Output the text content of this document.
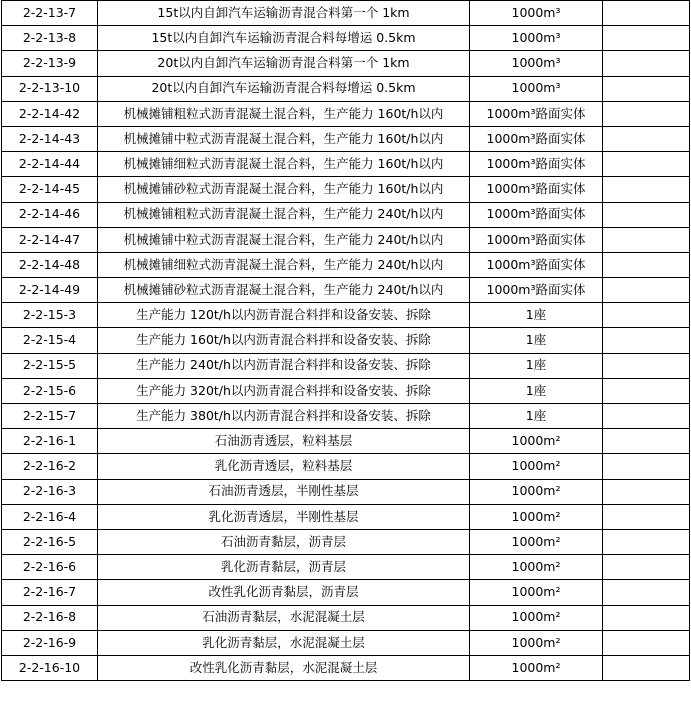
2-2-13-7	15t以内自卸汽车运输沥青混合料第一个 1km	1000m³	
2-2-13-8	15t以内自卸汽车运输沥青混合料每增运 0.5km	1000m³	
2-2-13-9	20t以内自卸汽车运输沥青混合料第一个 1km	1000m³	
2-2-13-10	20t以内自卸汽车运输沥青混合料每增运 0.5km	1000m³	
2-2-14-42	机械摊铺粗粒式沥青混凝土混合料，生产能力 160t/h以内	1000m³路面实体	
2-2-14-43	机械摊铺中粒式沥青混凝土混合料，生产能力 160t/h以内	1000m³路面实体	
2-2-14-44	机械摊铺细粒式沥青混凝土混合料，生产能力 160t/h以内	1000m³路面实体	
2-2-14-45	机械摊铺砂粒式沥青混凝土混合料，生产能力 160t/h以内	1000m³路面实体	
2-2-14-46	机械摊铺粗粒式沥青混凝土混合料，生产能力 240t/h以内	1000m³路面实体	
2-2-14-47	机械摊铺中粒式沥青混凝土混合料，生产能力 240t/h以内	1000m³路面实体	
2-2-14-48	机械摊铺细粒式沥青混凝土混合料，生产能力 240t/h以内	1000m³路面实体	
2-2-14-49	机械摊铺砂粒式沥青混凝土混合料，生产能力 240t/h以内	1000m³路面实体	
2-2-15-3	生产能力 120t/h以内沥青混合料拌和设备安装、拆除	1座	
2-2-15-4	生产能力 160t/h以内沥青混合料拌和设备安装、拆除	1座	
2-2-15-5	生产能力 240t/h以内沥青混合料拌和设备安装、拆除	1座	
2-2-15-6	生产能力 320t/h以内沥青混合料拌和设备安装、拆除	1座	
2-2-15-7	生产能力 380t/h以内沥青混合料拌和设备安装、拆除	1座	
2-2-16-1	石油沥青透层，粒料基层	1000m²	
2-2-16-2	乳化沥青透层，粒料基层	1000m²	
2-2-16-3	石油沥青透层，半刚性基层	1000m²	
2-2-16-4	乳化沥青透层，半刚性基层	1000m²	
2-2-16-5	石油沥青黏层，沥青层	1000m²	
2-2-16-6	乳化沥青黏层，沥青层	1000m²	
2-2-16-7	改性乳化沥青黏层，沥青层	1000m²	
2-2-16-8	石油沥青黏层，水泥混凝土层	1000m²	
2-2-16-9	乳化沥青黏层，水泥混凝土层	1000m²	
2-2-16-10	改性乳化沥青黏层，水泥混凝土层	1000m²	
